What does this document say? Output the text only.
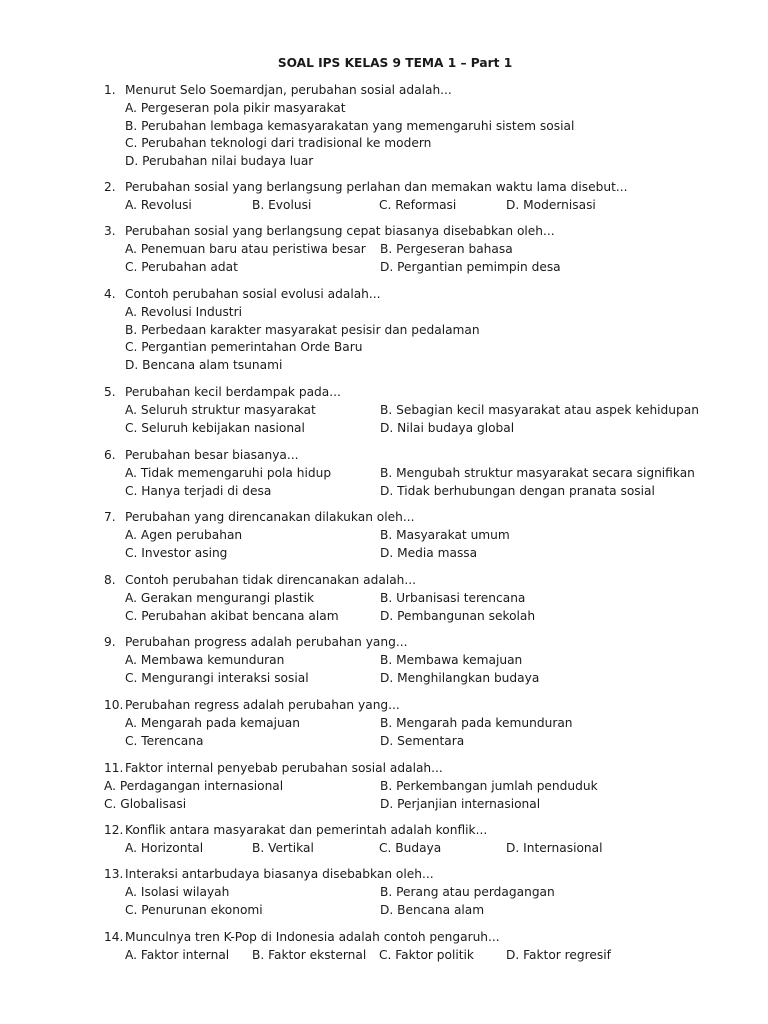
SOAL IPS KELAS 9 TEMA 1 – Part 1
1. Menurut Selo Soemardjan, perubahan sosial adalah...
A. Pergeseran pola pikir masyarakat
B. Perubahan lembaga kemasyarakatan yang memengaruhi sistem sosial
C. Perubahan teknologi dari tradisional ke modern
D. Perubahan nilai budaya luar
2. Perubahan sosial yang berlangsung perlahan dan memakan waktu lama disebut...
A. Revolusi	B. Evolusi	C. Reformasi	D. Modernisasi
3. Perubahan sosial yang berlangsung cepat biasanya disebabkan oleh...
A. Penemuan baru atau peristiwa besar B. Pergeseran bahasa
C. Perubahan adat	D. Pergantian pemimpin desa
4. Contoh perubahan sosial evolusi adalah...
A. Revolusi Industri
B. Perbedaan karakter masyarakat pesisir dan pedalaman
C. Pergantian pemerintahan Orde Baru
D. Bencana alam tsunami
5. Perubahan kecil berdampak pada...
A. Seluruh struktur masyarakat	B. Sebagian kecil masyarakat atau aspek kehidupan
C. Seluruh kebijakan nasional	D. Nilai budaya global
6. Perubahan besar biasanya...
A. Tidak memengaruhi pola hidup	B. Mengubah struktur masyarakat secara signifikan
C. Hanya terjadi di desa	D. Tidak berhubungan dengan pranata sosial
7. Perubahan yang direncanakan dilakukan oleh...
A. Agen perubahan	B. Masyarakat umum
C. Investor asing	D. Media massa
8. Contoh perubahan tidak direncanakan adalah...
A. Gerakan mengurangi plastik	B. Urbanisasi terencana
C. Perubahan akibat bencana alam	D. Pembangunan sekolah
9. Perubahan progress adalah perubahan yang...
A. Membawa kemunduran	B. Membawa kemajuan
C. Mengurangi interaksi sosial	D. Menghilangkan budaya
10. Perubahan regress adalah perubahan yang...
A. Mengarah pada kemajuan	B. Mengarah pada kemunduran
C. Terencana	D. Sementara
11. Faktor internal penyebab perubahan sosial adalah...
A. Perdagangan internasional	B. Perkembangan jumlah penduduk
C. Globalisasi	D. Perjanjian internasional
12. Konflik antara masyarakat dan pemerintah adalah konflik...
A. Horizontal	B. Vertikal	C. Budaya	D. Internasional
13. Interaksi antarbudaya biasanya disebabkan oleh...
A. Isolasi wilayah	B. Perang atau perdagangan
C. Penurunan ekonomi	D. Bencana alam
14. Munculnya tren K-Pop di Indonesia adalah contoh pengaruh...
A. Faktor internal B. Faktor eksternal C. Faktor politik	D. Faktor regresif
